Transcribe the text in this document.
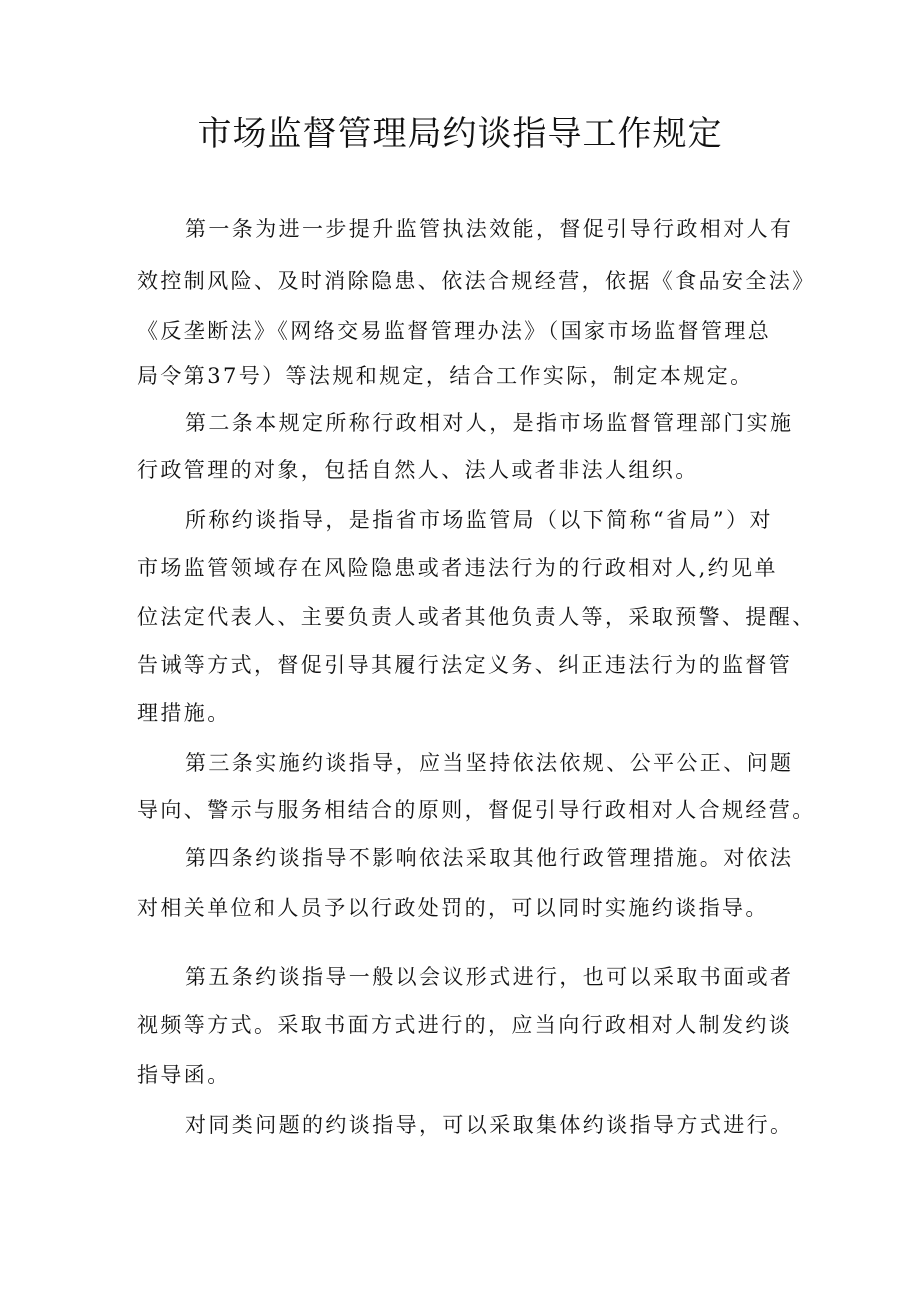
市场监督管理局约谈指导工作规定

第一条为进一步提升监管执法效能，督促引导行政相对人有

效控制风险、及时消除隐患、依法合规经营，依据《食品安全法》

《反垄断法》《网络交易监督管理办法》（国家市场监督管理总

局令第37号）等法规和规定，结合工作实际，制定本规定。

第二条本规定所称行政相对人，是指市场监督管理部门实施

行政管理的对象，包括自然人、法人或者非法人组织。

所称约谈指导，是指省市场监管局（以下简称“省局”）对

市场监管领域存在风险隐患或者违法行为的行政相对人,约见单

位法定代表人、主要负责人或者其他负责人等，采取预警、提醒、

告诫等方式，督促引导其履行法定义务、纠正违法行为的监督管

理措施。

第三条实施约谈指导，应当坚持依法依规、公平公正、问题

导向、警示与服务相结合的原则，督促引导行政相对人合规经营。

第四条约谈指导不影响依法采取其他行政管理措施。对依法

对相关单位和人员予以行政处罚的，可以同时实施约谈指导。

第五条约谈指导一般以会议形式进行，也可以采取书面或者

视频等方式。采取书面方式进行的，应当向行政相对人制发约谈

指导函。

对同类问题的约谈指导，可以采取集体约谈指导方式进行。
